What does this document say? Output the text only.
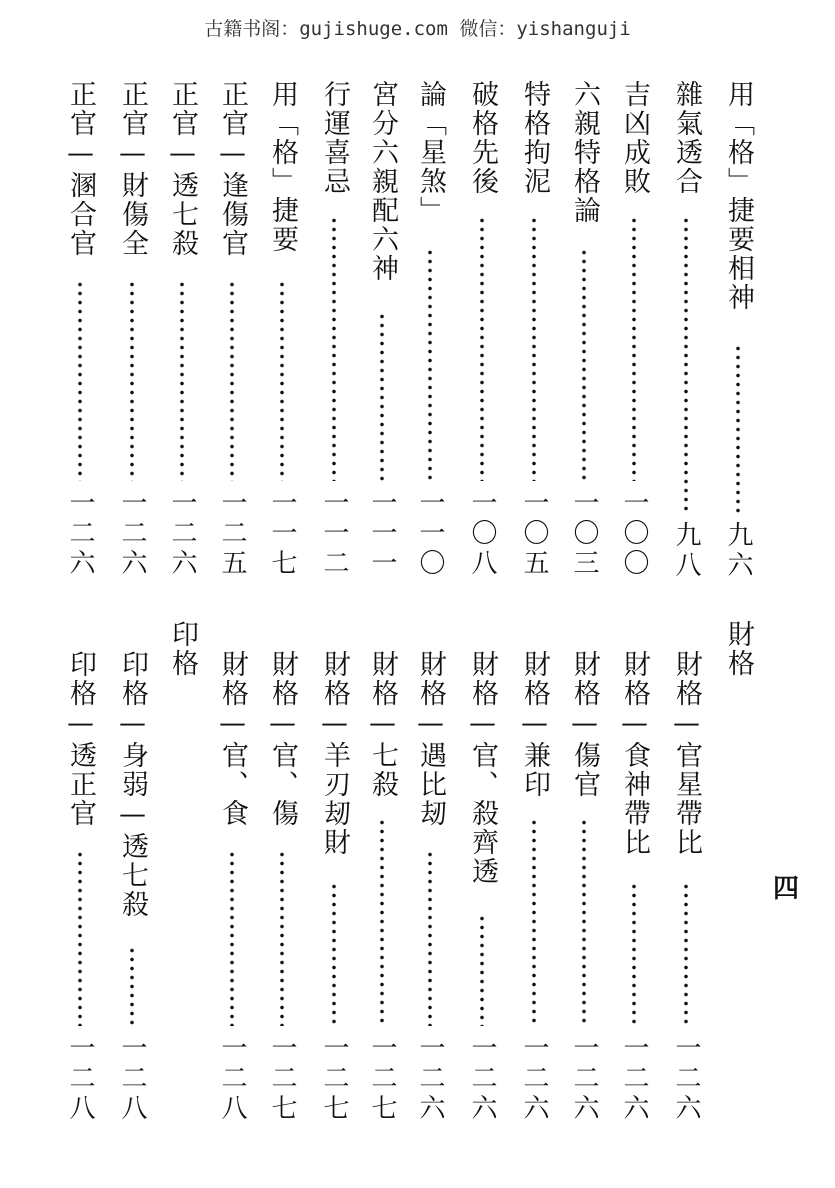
古籍书阁：gujishuge.com 微信：yishanguji
用「格」捷要相神
九六
雜氣透合
九八
吉凶成敗
一〇〇
六親特格論
一〇三
特格拘泥
一〇五
破格先後
一〇八
論「星煞」
一一〇
宮分六親配六神
一一一
行運喜忌
一一二
用「格」捷要
一一七
正官—逢傷官
一二五
正官—透七殺
一二六
正官—財傷全
一二六
正官—溷合官
一二六
財格—官星帶比
一二六
財格—食神帶比
一二六
財格—傷官
一二六
財格—兼印
一二六
財格—官、殺齊透
一二六
財格—遇比刼
一二六
財格—七殺
一二七
財格—羊刃刼財
一二七
財格—官、傷
一二七
財格—官、食
一二八
印格—身弱—透七殺
一二八
印格—透正官
一二八
財格
印格
四
